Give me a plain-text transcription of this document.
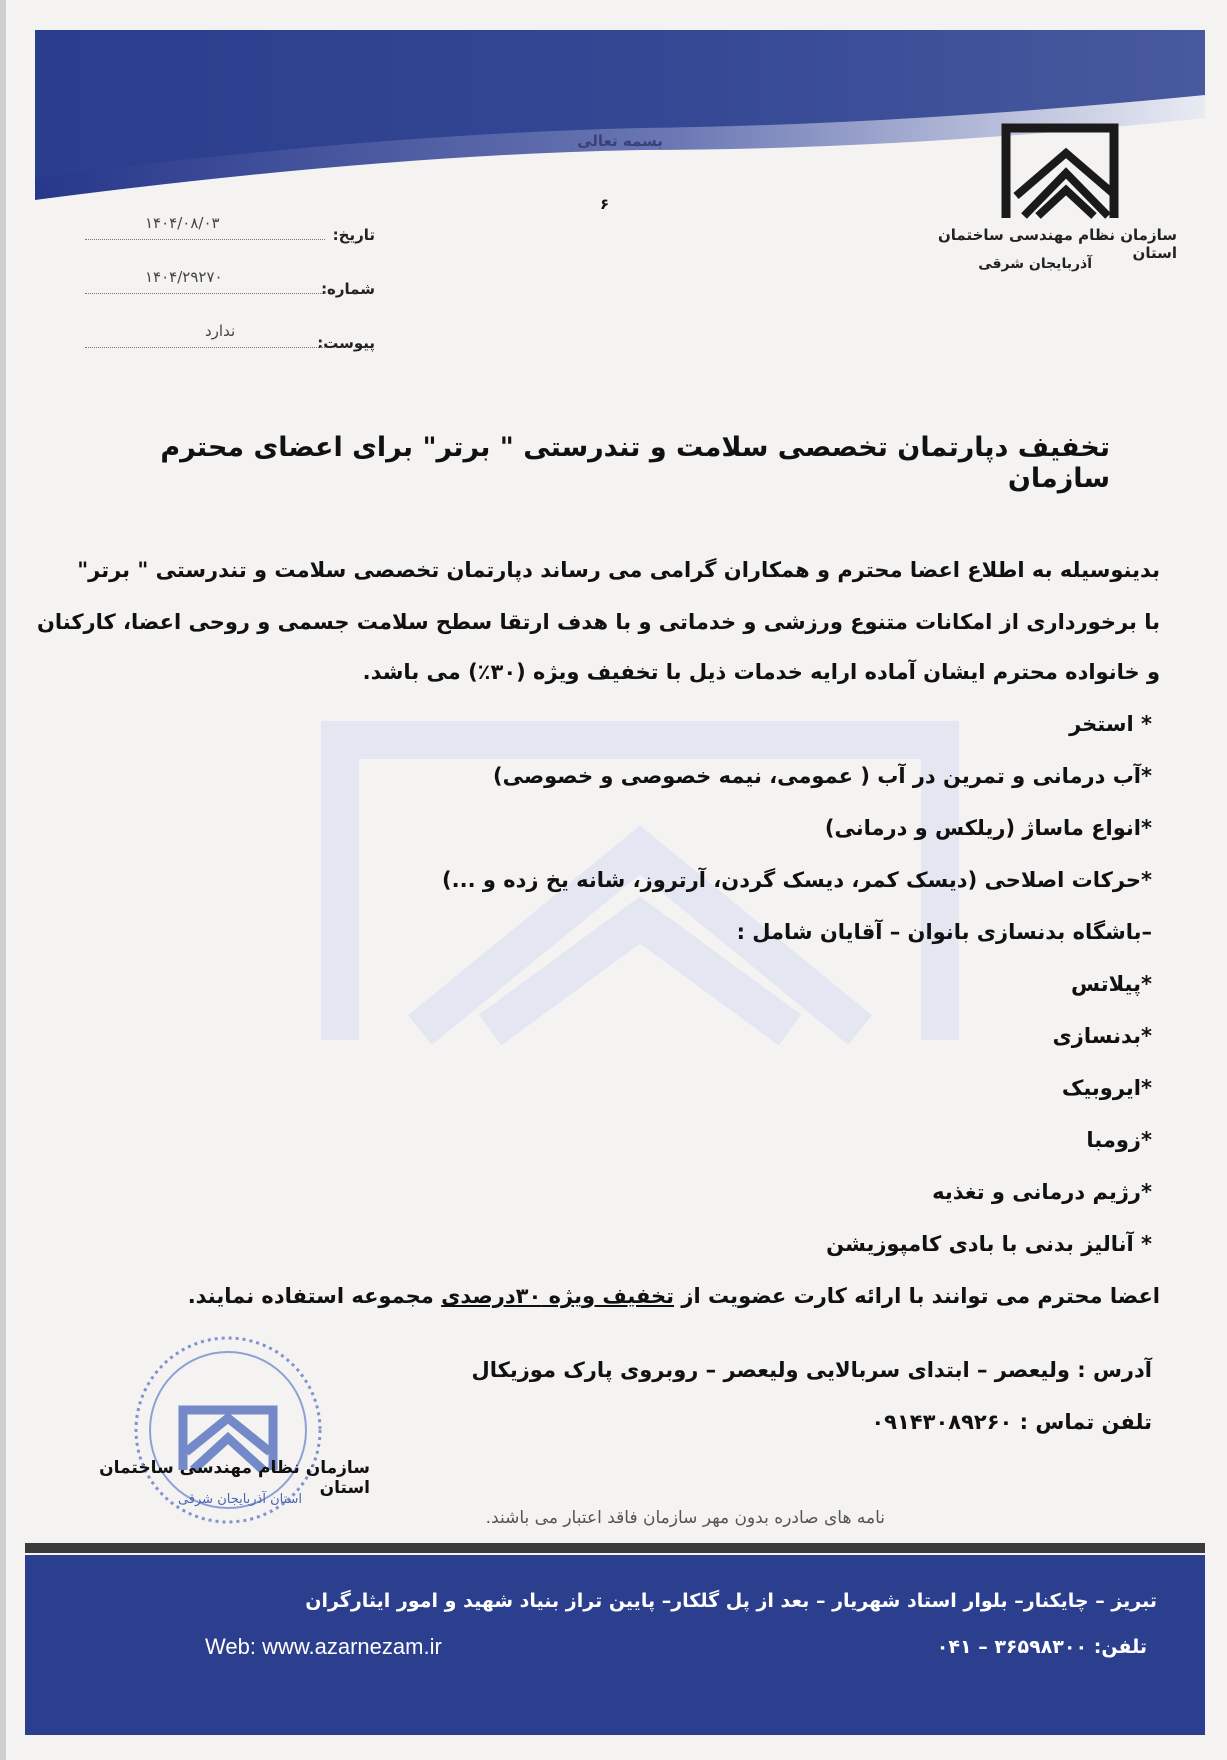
بسمه تعالی
۶
سازمان نظام مهندسی ساختمان استان
آذربایجان شرقی
تاریخ:
۱۴۰۴/۰۸/۰۳
شماره:
۱۴۰۴/۲۹۲۷۰
پیوست:
ندارد
تخفیف دپارتمان تخصصی سلامت و تندرستی " برتر" برای اعضای محترم سازمان
بدینوسیله به اطلاع اعضا محترم و همکاران گرامی می رساند دپارتمان تخصصی سلامت و تندرستی " برتر"
با برخورداری از امکانات متنوع ورزشی و خدماتی و با هدف ارتقا سطح سلامت جسمی و روحی اعضا، کارکنان
و خانواده محترم ایشان آماده ارایه خدمات ذیل با تخفیف ویژه (۳۰٪) می باشد.
* استخر
*آب درمانی و تمرین در آب ( عمومی، نیمه خصوصی و خصوصی)
*انواع ماساژ (ریلکس و درمانی)
*حرکات اصلاحی (دیسک کمر، دیسک گردن، آرتروز، شانه یخ زده و ...)
–باشگاه بدنسازی بانوان – آقایان شامل :
*پیلاتس
*بدنسازی
*ایروبیک
*زومبا
*رژیم درمانی و تغذیه
* آنالیز بدنی با بادی کامپوزیشن
اعضا محترم می توانند با ارائه کارت عضویت از تخفیف ویژه ۳۰درصدی مجموعه استفاده نمایند.
آدرس : ولیعصر – ابتدای سربالایی ولیعصر – روبروی پارک موزیکال
تلفن تماس : ۰۹۱۴۳۰۸۹۲۶۰
سازمان نظام مهندسی ساختمان استان
استان آذربایجان شرقی
نامه های صادره بدون مهر سازمان فاقد اعتبار می باشند.
تبریز – چایکنار– بلوار استاد شهریار – بعد از پل گلکار– پایین تراز بنیاد شهید و امور ایثارگران
Web: www.azarnezam.ir	تلفن: ۳۶۵۹۸۳۰۰ – ۰۴۱
